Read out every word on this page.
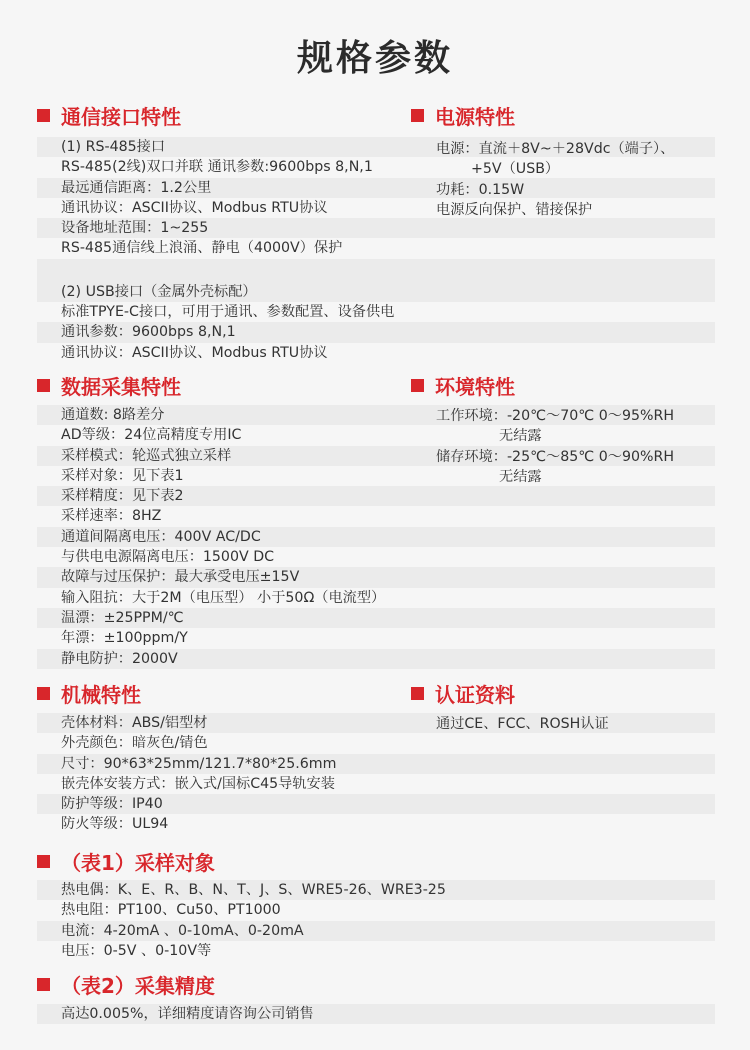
规格参数
通信接口特性	电源特性
数据采集特性	环境特性
机械特性	认证资料
（表1）采样对象
（表2）采集精度
(1) RS-485接口
RS-485(2线)双口并联 通讯参数:9600bps 8,N,1
最远通信距离：1.2公里
通讯协议：ASCII协议、Modbus RTU协议
设备地址范围：1~255
RS-485通信线上浪涌、静电（4000V）保护
(2) USB接口（金属外壳标配）
标准TPYE-C接口，可用于通讯、参数配置、设备供电
通讯参数：9600bps 8,N,1
通讯协议：ASCII协议、Modbus RTU协议
电源：直流＋8V~＋28Vdc（端子）、
+5V（USB）
功耗：0.15W
电源反向保护、错接保护
通道数: 8路差分
AD等级：24位高精度专用IC
采样模式：轮巡式独立采样
采样对象：见下表1
采样精度：见下表2
采样速率：8HZ
通道间隔离电压：400V AC/DC
与供电电源隔离电压：1500V DC
故障与过压保护：最大承受电压±15V
输入阻抗：大于2M（电压型） 小于50Ω（电流型）
温漂：±25PPM/℃
年漂：±100ppm/Y
静电防护：2000V
工作环境：-20℃～70℃ 0～95%RH
无结露
储存环境：-25℃～85℃ 0～90%RH
无结露
壳体材料：ABS/铝型材
外壳颜色：暗灰色/锖色
尺寸：90*63*25mm/121.7*80*25.6mm
嵌壳体安装方式：嵌入式/国标C45导轨安装
防护等级：IP40
防火等级：UL94
通过CE、FCC、ROSH认证
热电偶：K、E、R、B、N、T、J、S、WRE5-26、WRE3-25
热电阻：PT100、Cu50、PT1000
电流：4-20mA 、0-10mA、0-20mA
电压：0-5V 、0-10V等
高达0.005%，详细精度请咨询公司销售
